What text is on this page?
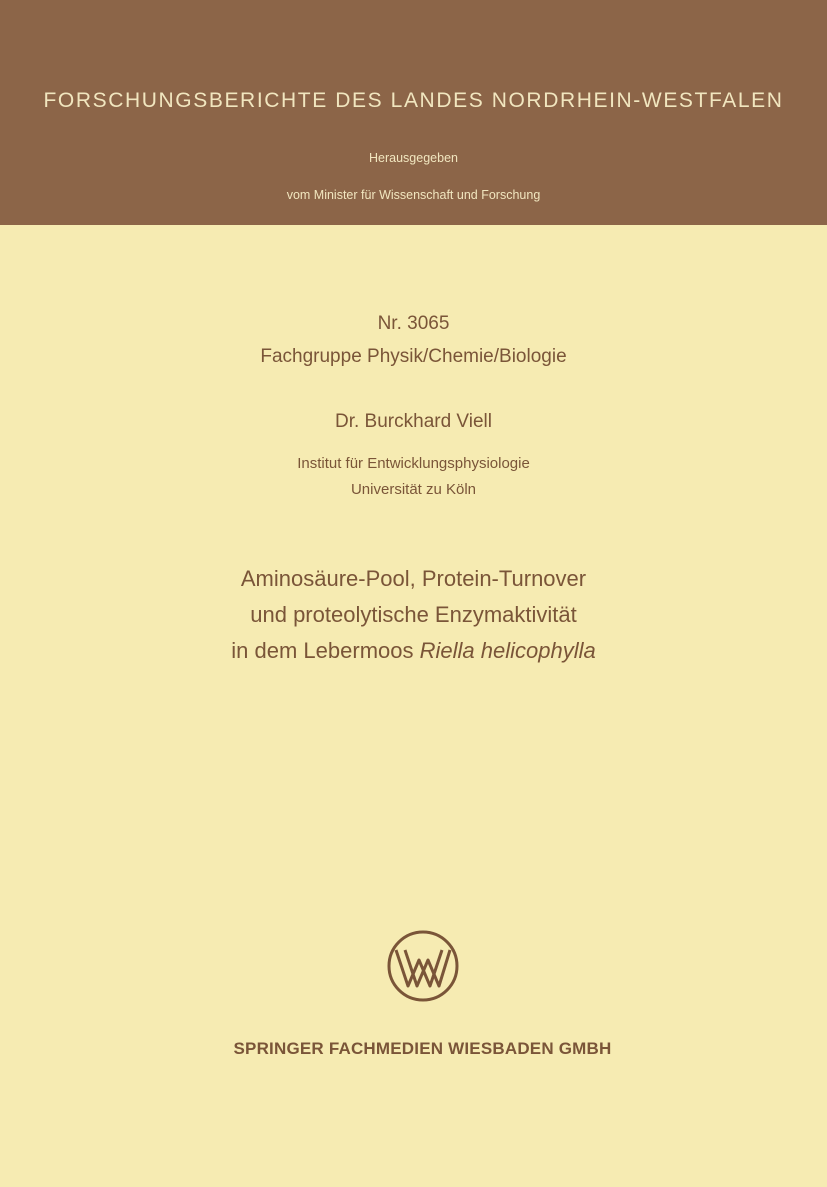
FORSCHUNGSBERICHTE DES LANDES NORDRHEIN-WESTFALEN
Herausgegeben
vom Minister für Wissenschaft und Forschung
Nr. 3065
Fachgruppe Physik/Chemie/Biologie
Dr. Burckhard Viell
Institut für Entwicklungsphysiologie
Universität zu Köln
Aminosäure-Pool, Protein-Turnover
und proteolytische Enzymaktivität
in dem Lebermoos Riella helicophylla
SPRINGER FACHMEDIEN WIESBADEN GMBH
